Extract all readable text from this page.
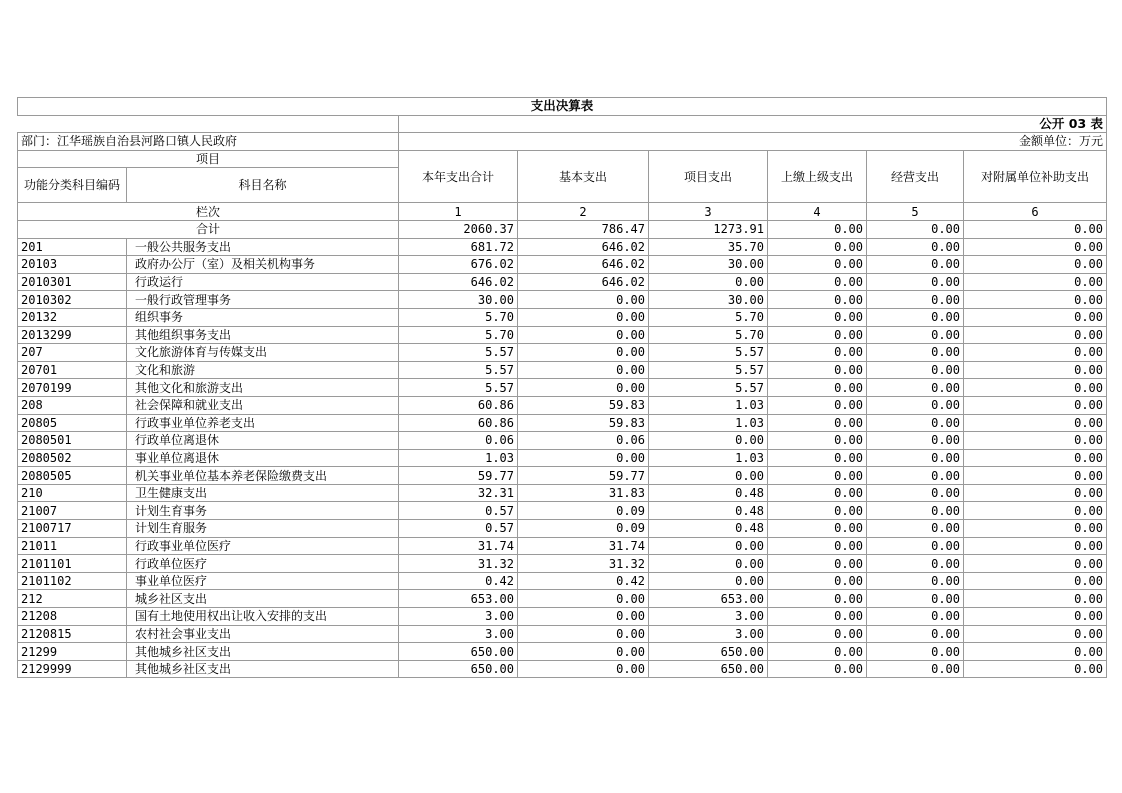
支出决算表							
		公开 03 表					
部门：江华瑶族自治县河路口镇人民政府		金额单位：万元					
项目		本年支出合计	基本支出	项目支出	上缴上级支出	经营支出	对附属单位补助支出
功能分类科目编码	科目名称						
栏次		1	2	3	4	5	6
合计		2060.37	786.47	1273.91	0.00	0.00	0.00
201	一般公共服务支出	681.72	646.02	35.70	0.00	0.00	0.00
20103	政府办公厅（室）及相关机构事务	676.02	646.02	30.00	0.00	0.00	0.00
2010301	行政运行	646.02	646.02	0.00	0.00	0.00	0.00
2010302	一般行政管理事务	30.00	0.00	30.00	0.00	0.00	0.00
20132	组织事务	5.70	0.00	5.70	0.00	0.00	0.00
2013299	其他组织事务支出	5.70	0.00	5.70	0.00	0.00	0.00
207	文化旅游体育与传媒支出	5.57	0.00	5.57	0.00	0.00	0.00
20701	文化和旅游	5.57	0.00	5.57	0.00	0.00	0.00
2070199	其他文化和旅游支出	5.57	0.00	5.57	0.00	0.00	0.00
208	社会保障和就业支出	60.86	59.83	1.03	0.00	0.00	0.00
20805	行政事业单位养老支出	60.86	59.83	1.03	0.00	0.00	0.00
2080501	行政单位离退休	0.06	0.06	0.00	0.00	0.00	0.00
2080502	事业单位离退休	1.03	0.00	1.03	0.00	0.00	0.00
2080505	机关事业单位基本养老保险缴费支出	59.77	59.77	0.00	0.00	0.00	0.00
210	卫生健康支出	32.31	31.83	0.48	0.00	0.00	0.00
21007	计划生育事务	0.57	0.09	0.48	0.00	0.00	0.00
2100717	计划生育服务	0.57	0.09	0.48	0.00	0.00	0.00
21011	行政事业单位医疗	31.74	31.74	0.00	0.00	0.00	0.00
2101101	行政单位医疗	31.32	31.32	0.00	0.00	0.00	0.00
2101102	事业单位医疗	0.42	0.42	0.00	0.00	0.00	0.00
212	城乡社区支出	653.00	0.00	653.00	0.00	0.00	0.00
21208	国有土地使用权出让收入安排的支出	3.00	0.00	3.00	0.00	0.00	0.00
2120815	农村社会事业支出	3.00	0.00	3.00	0.00	0.00	0.00
21299	其他城乡社区支出	650.00	0.00	650.00	0.00	0.00	0.00
2129999	其他城乡社区支出	650.00	0.00	650.00	0.00	0.00	0.00
